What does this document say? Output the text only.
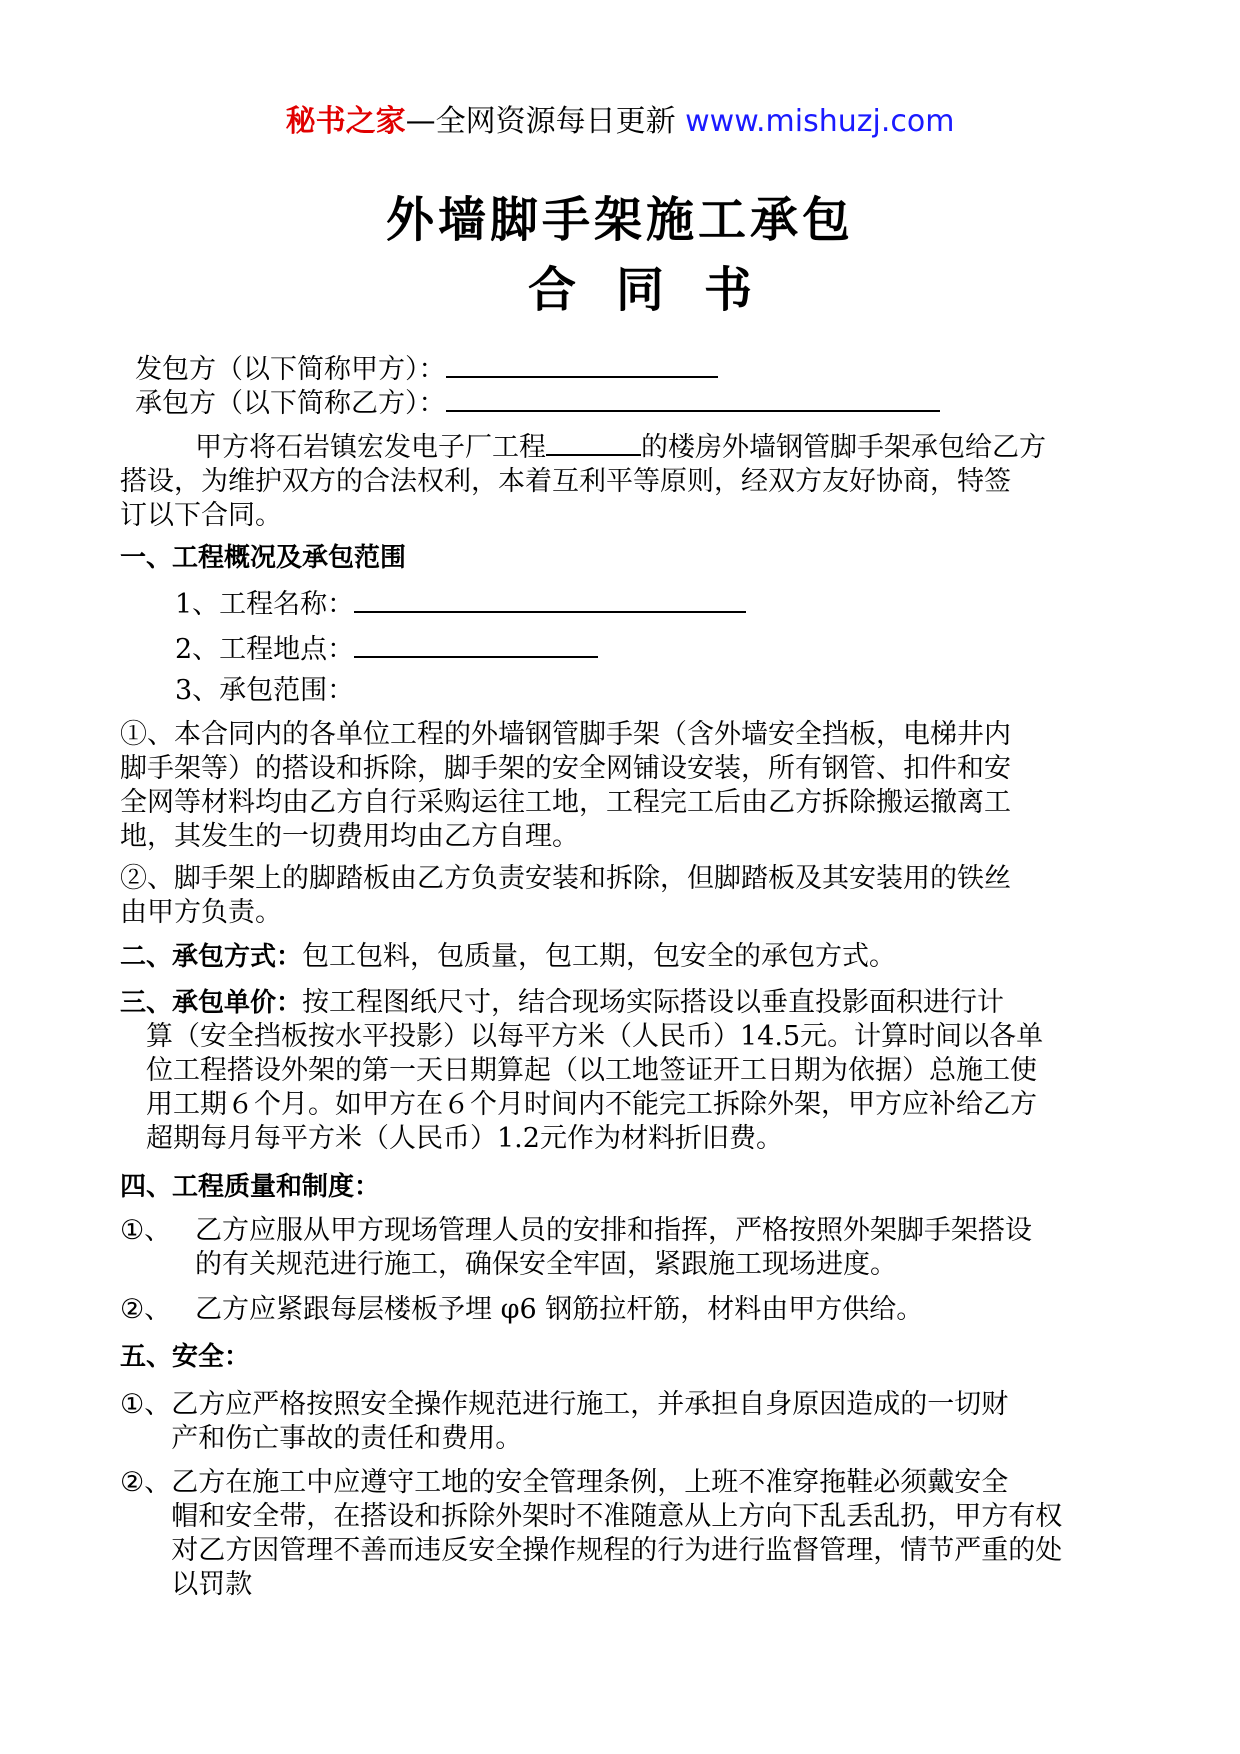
秘书之家—全网资源每日更新 www.mishuzj.com
外墙脚手架施工承包
合同书
发包方（以下简称甲方）：
承包方（以下简称乙方）：
甲方将石岩镇宏发电子厂工程	的楼房外墙钢管脚手架承包给乙方
搭设，为维护双方的合法权利，本着互利平等原则，经双方友好协商，特签
订以下合同。
一、工程概况及承包范围
1、工程名称：
2、工程地点：
3、承包范围：
①、本合同内的各单位工程的外墙钢管脚手架（含外墙安全挡板，电梯井内
脚手架等）的搭设和拆除，脚手架的安全网铺设安装，所有钢管、扣件和安
全网等材料均由乙方自行采购运往工地，工程完工后由乙方拆除搬运撤离工
地，其发生的一切费用均由乙方自理。
②、脚手架上的脚踏板由乙方负责安装和拆除，但脚踏板及其安装用的铁丝
由甲方负责。
二、承包方式：包工包料，包质量，包工期，包安全的承包方式。
三、承包单价：按工程图纸尺寸，结合现场实际搭设以垂直投影面积进行计
算（安全挡板按水平投影）以每平方米（人民币）14.5元。计算时间以各单
位工程搭设外架的第一天日期算起（以工地签证开工日期为依据）总施工使
用工期６个月。如甲方在６个月时间内不能完工拆除外架，甲方应补给乙方
超期每月每平方米（人民币）1.2元作为材料折旧费。
四、工程质量和制度：
①、 乙方应服从甲方现场管理人员的安排和指挥，严格按照外架脚手架搭设
的有关规范进行施工，确保安全牢固，紧跟施工现场进度。
②、 乙方应紧跟每层楼板予埋 φ6 钢筋拉杆筋，材料由甲方供给。
五、安全：
①、 乙方应严格按照安全操作规范进行施工，并承担自身原因造成的一切财
产和伤亡事故的责任和费用。
②、 乙方在施工中应遵守工地的安全管理条例，上班不准穿拖鞋必须戴安全
帽和安全带，在搭设和拆除外架时不准随意从上方向下乱丢乱扔，甲方有权
对乙方因管理不善而违反安全操作规程的行为进行监督管理，情节严重的处
以罚款
